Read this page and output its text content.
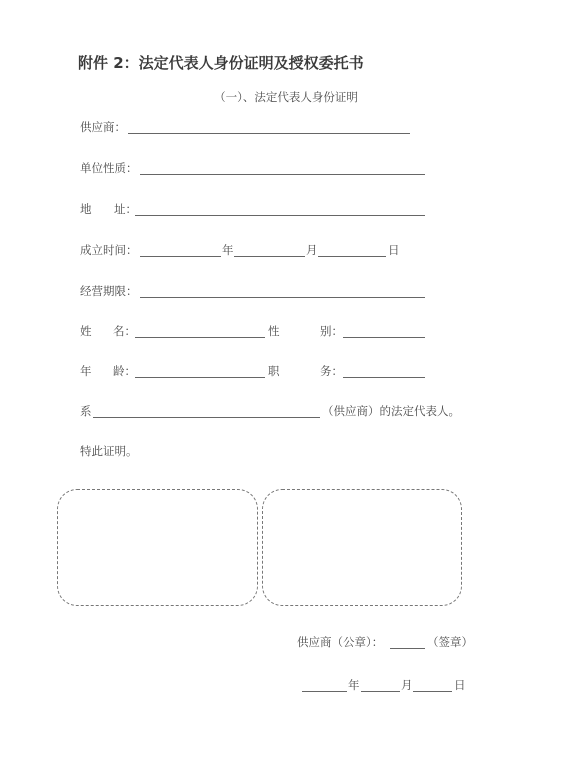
附件 2：法定代表人身份证明及授权委托书
（一）、法定代表人身份证明
供应商：
单位性质：
地 址：
成立时间：	年	月	日
经营期限：
姓 名：	性	别：
年 龄：	职	务：
系	（供应商）的法定代表人。
特此证明。
供应商（公章）：	（签章）
年	月	日
